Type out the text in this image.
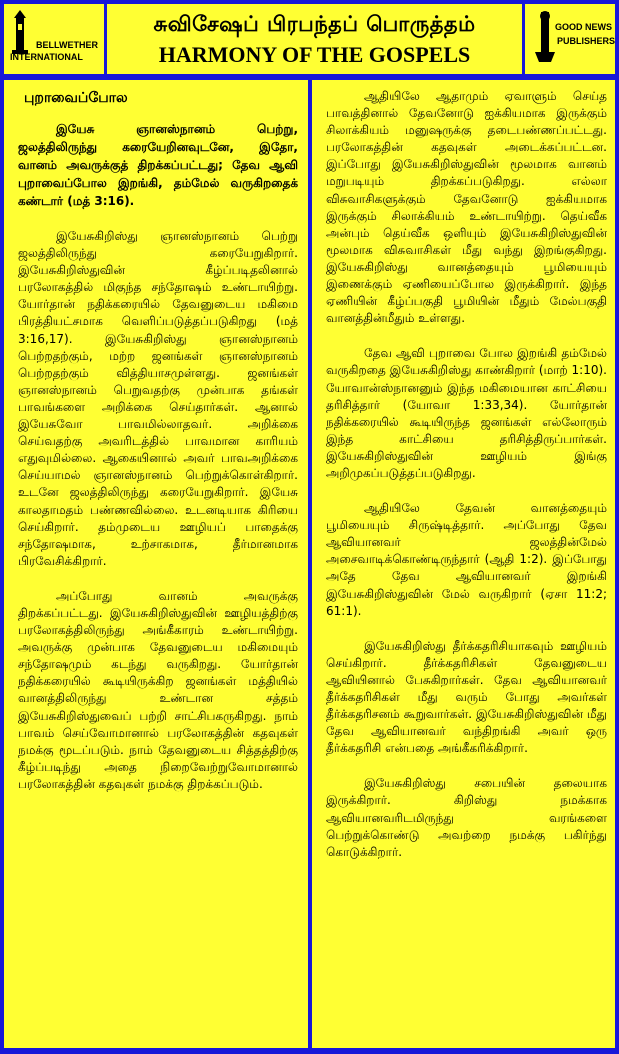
BELLWETHER
INTERNATIONAL
சுவிசேஷப் பிரபந்தப் பொருத்தம்
HARMONY OF THE GOSPELS
GOOD NEWS
PUBLISHERS
புறாவைப்போல

இயேசு ஞானஸ்நானம் பெற்று, ஜலத்திலிருந்து கரையேறினவுடனே, இதோ, வானம் அவருக்குத் திறக்கப்பட்டது; தேவ ஆவி புறாவைப்போல இறங்கி, தம்மேல் வருகிறதைக் கண்டார் (மத் 3:16).

இயேசுகிறிஸ்து ஞானஸ்நானம் பெற்று ஜலத்திலிருந்து கரையேறுகிறார். இயேசுகிறிஸ்துவின் கீழ்ப்படிதலினால் பரலோகத்தில் மிகுந்த சந்தோஷம் உண்டாயிற்று. யோர்தான் நதிக்கரையில் தேவனுடைய மகிமை பிரத்தியட்சமாக வெளிப்படுத்தப்படுகிறது (மத் 3:16,17). இயேசுகிறிஸ்து ஞானஸ்நானம் பெற்றதற்கும், மற்ற ஜனங்கள் ஞானஸ்நானம் பெற்றதற்கும் வித்தியாசமுள்ளது. ஜனங்கள் ஞானஸ்நானம் பெறுவதற்கு முன்பாக தங்கள் பாவங்களை அறிக்கை செய்தார்கள். ஆனால் இயேசுவோ பாவமில்லாதவர். அறிக்கை செய்வதற்கு அவரிடத்தில் பாவமான காரியம் எதுவுமில்லை. ஆகையினால் அவர் பாவஅறிக்கை செய்யாமல் ஞானஸ்நானம் பெற்றுக்கொள்கிறார். உடனே ஜலத்திலிருந்து கரையேறுகிறார். இயேசு காலதாமதம் பண்ணவில்லை. உடனடியாக கிரியை செய்கிறார். தம்முடைய ஊழியப் பாதைக்கு சந்தோஷமாக, உற்சாகமாக, தீர்மானமாக பிரவேசிக்கிறார்.

அப்போது வானம் அவருக்கு திறக்கப்பட்டது. இயேசுகிறிஸ்துவின் ஊழியத்திற்கு பரலோகத்திலிருந்து அங்கீகாரம் உண்டாயிற்று. அவருக்கு முன்பாக தேவனுடைய மகிமையும் சந்தோஷமும் கடந்து வருகிறது. யோர்தான் நதிக்கரையில் கூடியிருக்கிற ஜனங்கள் மத்தியில் வானத்திலிருந்து உண்டான சத்தம் இயேசுகிறிஸ்துவைப் பற்றி சாட்சிபகருகிறது. நாம் பாவம் செய்வோமானால் பரலோகத்தின் கதவுகள் நமக்கு மூடப்படும். நாம் தேவனுடைய சித்தத்திற்கு கீழ்ப்படிந்து அதை நிறைவேற்றுவோமானால் பரலோகத்தின் கதவுகள் நமக்கு திறக்கப்படும்.

ஆதியிலே ஆதாமும் ஏவாளும் செய்த பாவத்தினால் தேவனோடு ஐக்கியமாக இருக்கும் சிலாக்கியம் மனுஷருக்கு தடைபண்ணப்பட்டது. பரலோகத்தின் கதவுகள் அடைக்கப்பட்டன. இப்போது இயேசுகிறிஸ்துவின் மூலமாக வானம் மறுபடியும் திறக்கப்படுகிறது. எல்லா விசுவாசிகளுக்கும் தேவனோடு ஐக்கியமாக இருக்கும் சிலாக்கியம் உண்டாயிற்று. தெய்வீக அன்பும் தெய்வீக ஒளியும் இயேசுகிறிஸ்துவின் மூலமாக விசுவாசிகள் மீது வந்து இறங்குகிறது. இயேசுகிறிஸ்து வானத்தையும் பூமியையும் இணைக்கும் ஏணியைப்போல இருக்கிறார். இந்த ஏணியின் கீழ்ப்பகுதி பூமியின் மீதும் மேல்பகுதி வானத்தின்மீதும் உள்ளது.

தேவ ஆவி புறாவை போல இறங்கி தம்மேல் வருகிறதை இயேசுகிறிஸ்து காண்கிறார் (மாற் 1:10). யோவான்ஸ்நானனும் இந்த மகிமையான காட்சியை தரிசித்தார் (யோவா 1:33,34). யோர்தான் நதிக்கரையில் கூடியிருந்த ஜனங்கள் எல்லோரும் இந்த காட்சியை தரிசித்திருப்பார்கள். இயேசுகிறிஸ்துவின் ஊழியம் இங்கு அறிமுகப்படுத்தப்படுகிறது.

ஆதியிலே தேவன் வானத்தையும் பூமியையும் சிருஷ்டித்தார். அப்போது தேவ ஆவியானவர் ஜலத்தின்மேல் அசைவாடிக்கொண்டிருந்தார் (ஆதி 1:2). இப்போது அதே தேவ ஆவியானவர் இறங்கி இயேசுகிறிஸ்துவின் மேல் வருகிறார் (ஏசா 11:2; 61:1).

இயேசுகிறிஸ்து தீர்க்கதரிசியாகவும் ஊழியம் செய்கிறார். தீர்க்கதரிசிகள் தேவனுடைய ஆவியினால் பேசுகிறார்கள். தேவ ஆவியானவர் தீர்க்கதரிசிகள் மீது வரும் போது அவர்கள் தீர்க்கதரிசனம் கூறுவார்கள். இயேசுகிறிஸ்துவின் மீது தேவ ஆவியானவர் வந்திறங்கி அவர் ஒரு தீர்க்கதரிசி என்பதை அங்கீகரிக்கிறார்.

இயேசுகிறிஸ்து சபையின் தலையாக இருக்கிறார். கிறிஸ்து நமக்காக ஆவியானவரிடமிருந்து வரங்களை பெற்றுக்கொண்டு அவற்றை நமக்கு பகிர்ந்து கொடுக்கிறார்.
